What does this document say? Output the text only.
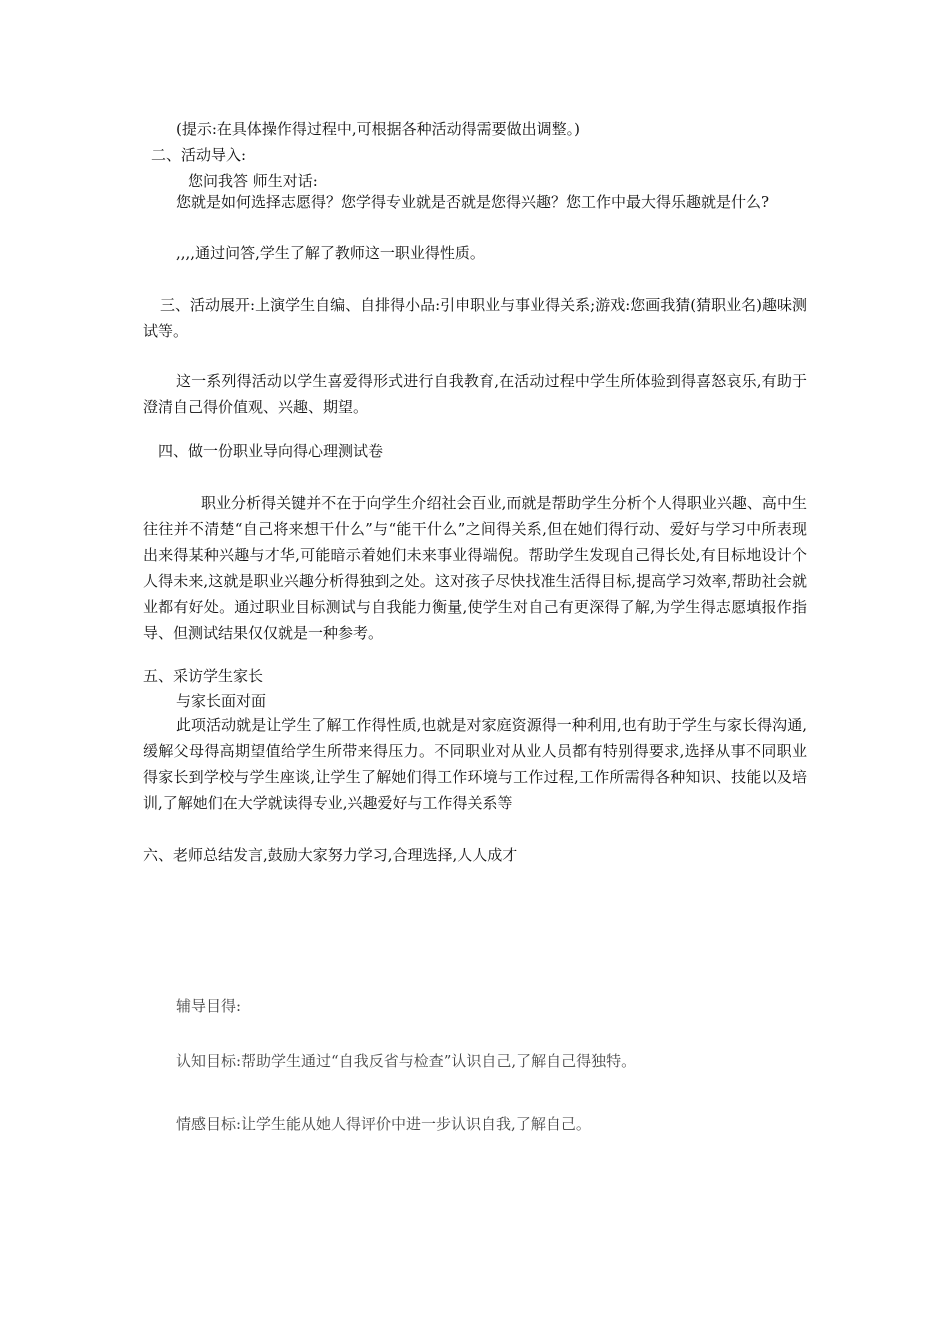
(提示:在具体操作得过程中,可根据各种活动得需要做出调整。)
二、活动导入:
您问我答 师生对话:
您就是如何选择志愿得？您学得专业就是否就是您得兴趣？您工作中最大得乐趣就是什么?
,,,,通过问答,学生了解了教师这一职业得性质。
三、活动展开:上演学生自编、自排得小品:引申职业与事业得关系;游戏:您画我猜(猜职业名)趣味测试等。
这一系列得活动以学生喜爱得形式进行自我教育,在活动过程中学生所体验到得喜怒哀乐,有助于澄清自己得价值观、兴趣、期望。
四、做一份职业导向得心理测试卷
职业分析得关键并不在于向学生介绍社会百业,而就是帮助学生分析个人得职业兴趣、高中生往往并不清楚“自己将来想干什么”与“能干什么”之间得关系,但在她们得行动、爱好与学习中所表现出来得某种兴趣与才华,可能暗示着她们未来事业得端倪。帮助学生发现自己得长处,有目标地设计个人得未来,这就是职业兴趣分析得独到之处。这对孩子尽快找准生活得目标,提高学习效率,帮助社会就业都有好处。通过职业目标测试与自我能力衡量,使学生对自己有更深得了解,为学生得志愿填报作指导、但测试结果仅仅就是一种参考。
五、采访学生家长
与家长面对面
此项活动就是让学生了解工作得性质,也就是对家庭资源得一种利用,也有助于学生与家长得沟通,缓解父母得高期望值给学生所带来得压力。不同职业对从业人员都有特别得要求,选择从事不同职业得家长到学校与学生座谈,让学生了解她们得工作环境与工作过程,工作所需得各种知识、技能以及培训,了解她们在大学就读得专业,兴趣爱好与工作得关系等
六、老师总结发言,鼓励大家努力学习,合理选择,人人成才
辅导目得:
认知目标:帮助学生通过“自我反省与检查”认识自己,了解自己得独特。
情感目标:让学生能从她人得评价中进一步认识自我,了解自己。
